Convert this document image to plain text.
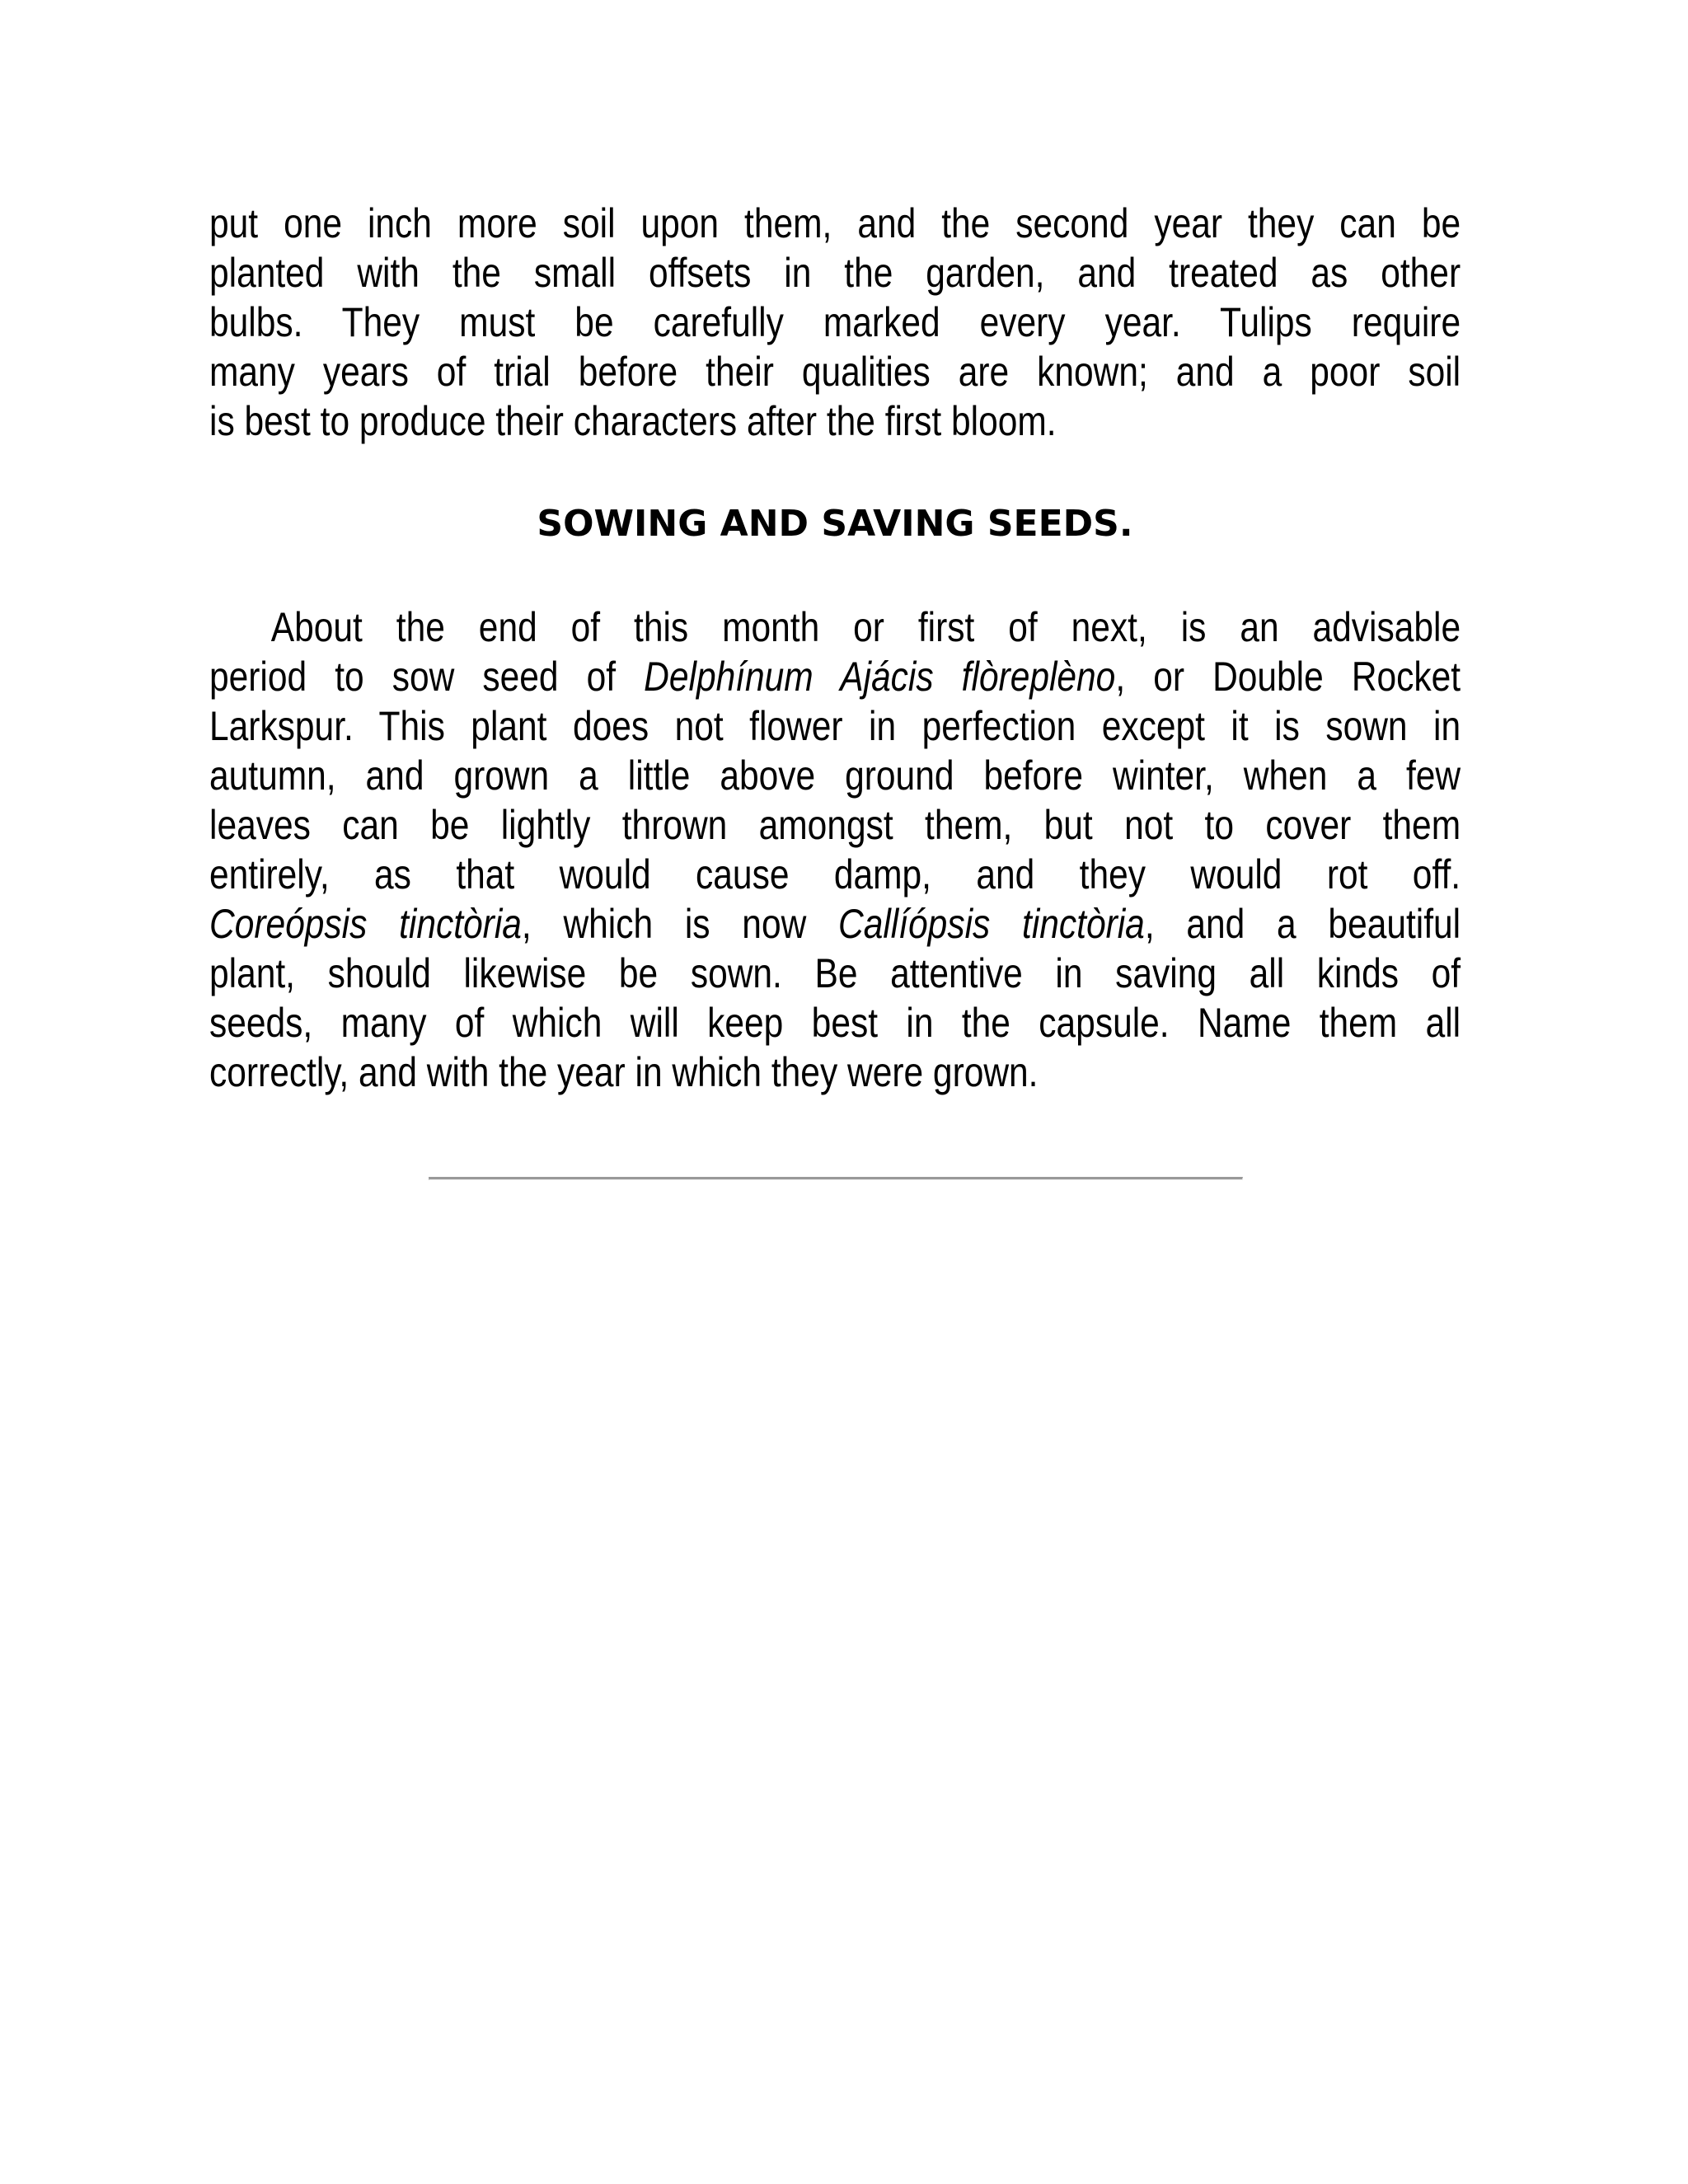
put one inch more soil upon them, and the second year they can be
planted with the small offsets in the garden, and treated as other
bulbs. They must be carefully marked every year. Tulips require
many years of trial before their qualities are known; and a poor soil
is best to produce their characters after the first bloom.
SOWING AND SAVING SEEDS.
About the end of this month or first of next, is an advisable
period to sow seed of Delphínum Ajácis flòreplèno, or Double Rocket
Larkspur. This plant does not flower in perfection except it is sown in
autumn, and grown a little above ground before winter, when a few
leaves can be lightly thrown amongst them, but not to cover them
entirely, as that would cause damp, and they would rot off.
Coreópsis tinctòria, which is now Callíópsis tinctòria, and a beautiful
plant, should likewise be sown. Be attentive in saving all kinds of
seeds, many of which will keep best in the capsule. Name them all
correctly, and with the year in which they were grown.
